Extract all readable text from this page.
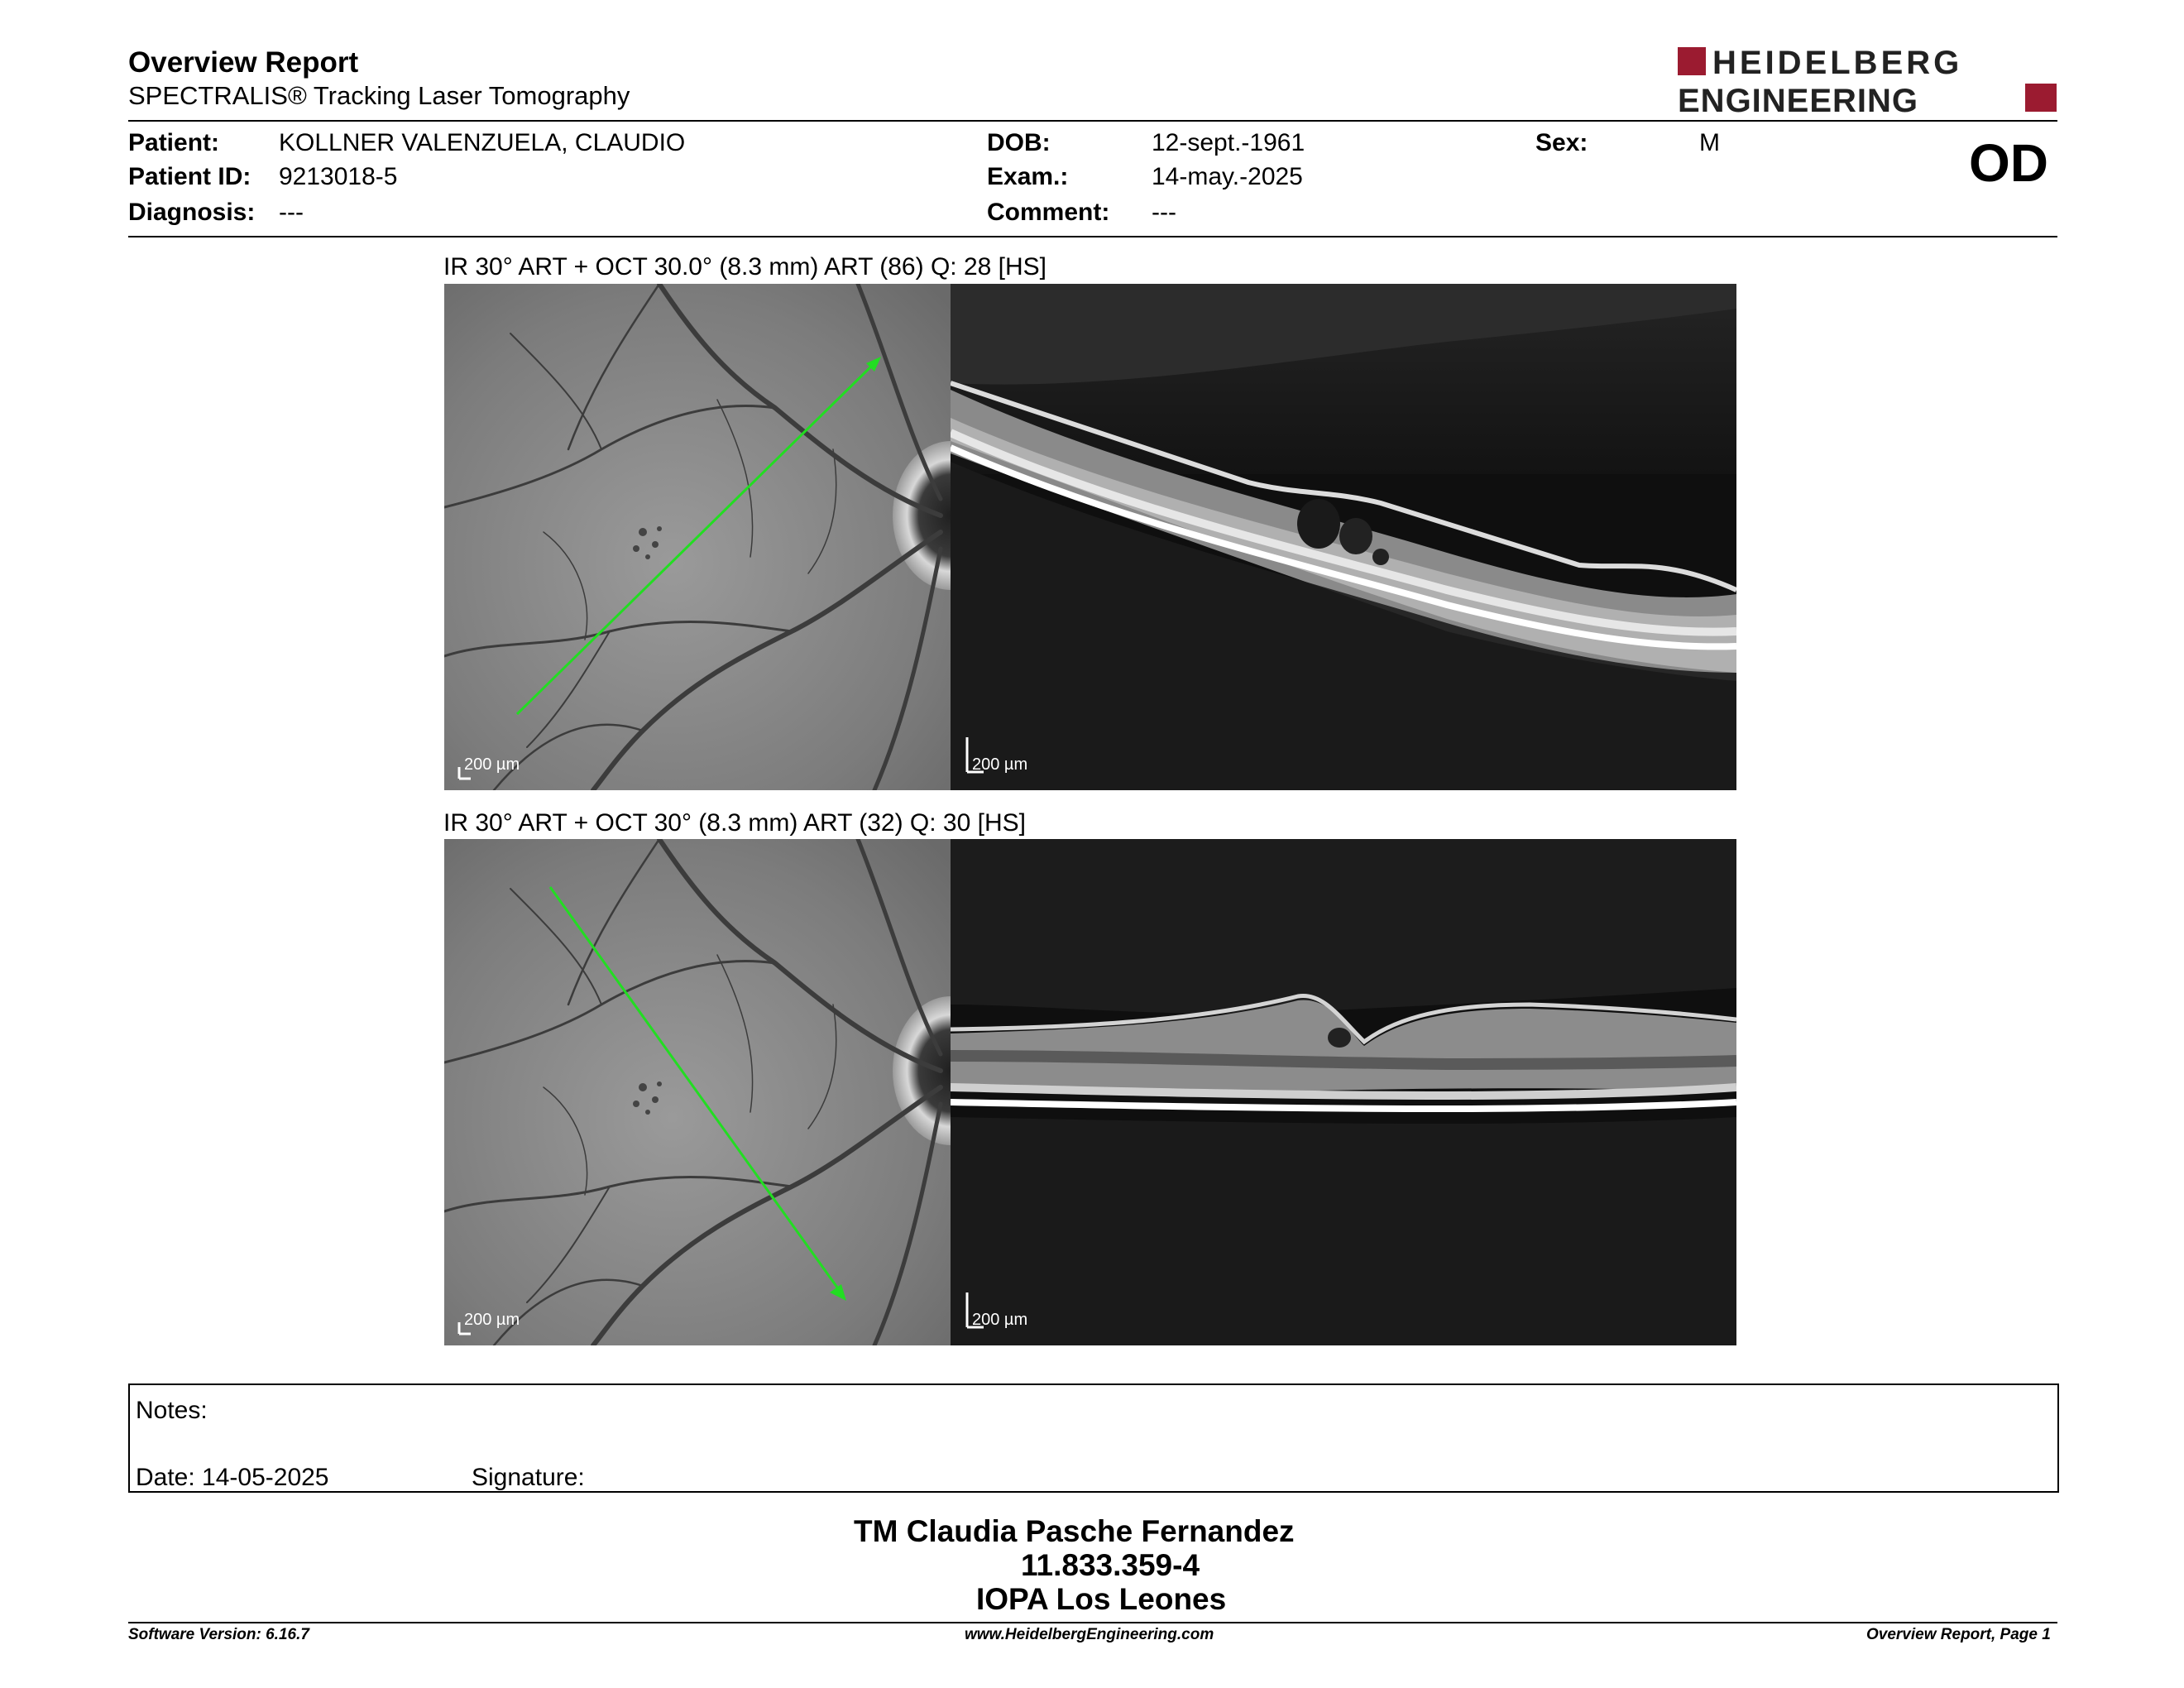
Overview Report
SPECTRALIS® Tracking Laser Tomography
HEIDELBERG
ENGINEERING
Patient: KOLLNER VALENZUELA, CLAUDIO
Patient ID: 9213018-5
Diagnosis: ---
DOB:	12-sept.-1961
Exam.:	14-may.-2025
Comment: ---
Sex:	M	OD
IR 30° ART + OCT 30.0° (8.3 mm) ART (86) Q: 28 [HS]
200 µm	200 µm
IR 30° ART + OCT 30° (8.3 mm) ART (32) Q: 30 [HS]
200 µm	200 µm
Notes:
Date: 14-05-2025	Signature:
TM Claudia Pasche Fernandez
11.833.359-4
IOPA Los Leones
Software Version: 6.16.7	www.HeidelbergEngineering.com	Overview Report, Page 1
